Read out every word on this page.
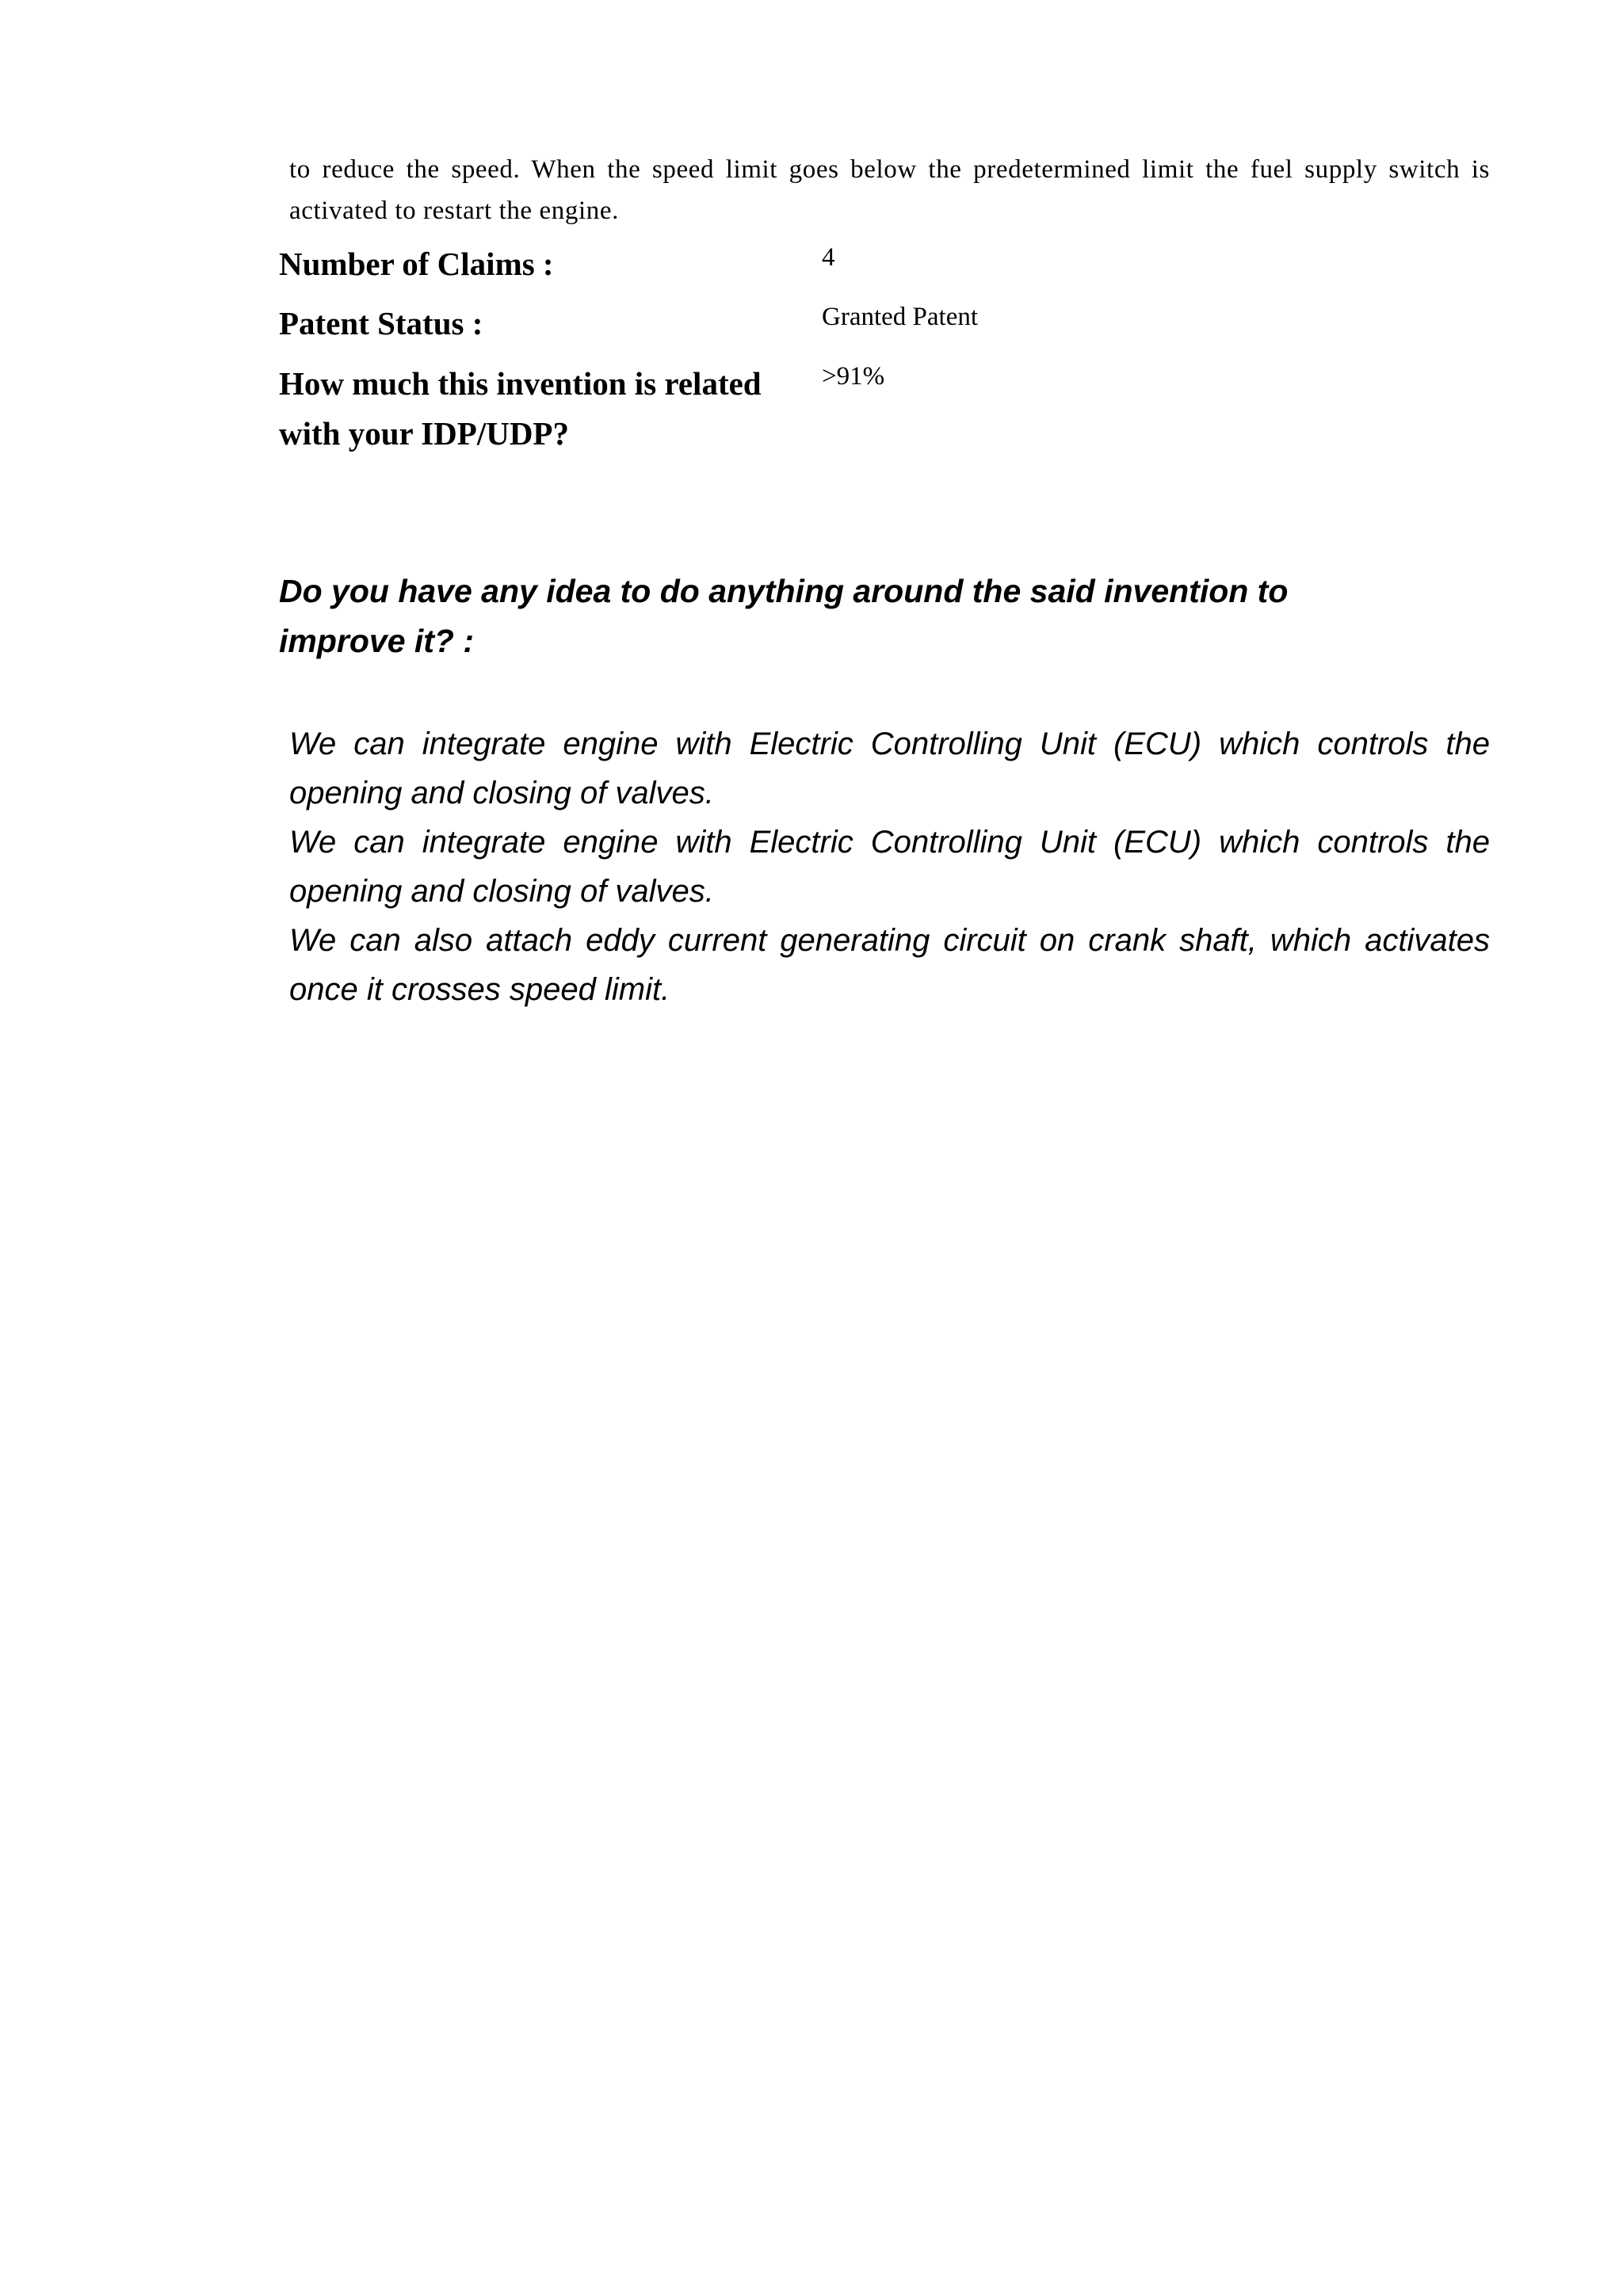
to reduce the speed. When the speed limit goes below the predetermined limit the fuel supply switch is activated to restart the engine.

Number of Claims :	4

Patent Status :	Granted Patent

How much this invention is related with your IDP/UDP?

>91%

Do you have any idea to do anything around the said invention to improve it? :

We can integrate engine with Electric Controlling Unit (ECU) which controls the opening and closing of valves.

We can integrate engine with Electric Controlling Unit (ECU) which controls the opening and closing of valves.

We can also attach eddy current generating circuit on crank shaft, which activates once it crosses speed limit.
